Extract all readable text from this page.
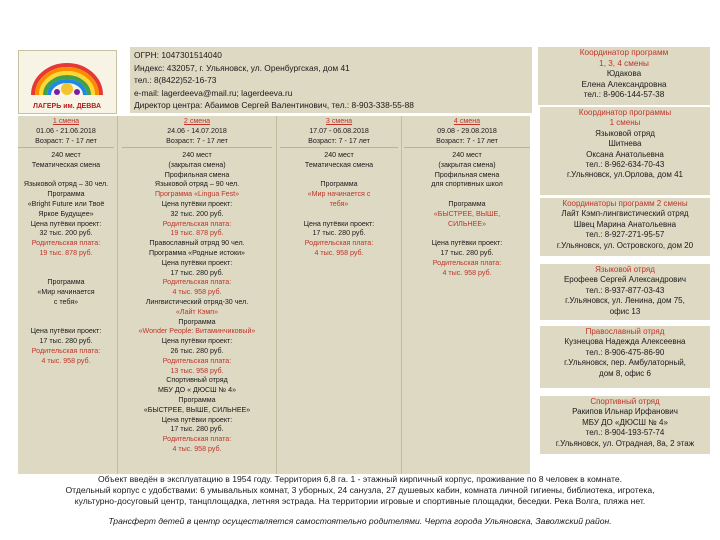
ЛАГЕРЬ им. ДЕВВА
ОГРН: 1047301514040
Индекс: 432057, г. Ульяновск, ул. Оренбургская, дом 41
тел.: 8(8422)52-16-73
e-mail: lagerdeeva@mail.ru; lagerdeeva.ru
Директор центра: Абаимов Сергей Валентинович, тел.: 8-903-338-55-88
Координатор программ
1, 3, 4 смены
Юдакова
Елена Александровна
тел.: 8-906-144-57-38
1 смена
01.06 - 21.06.2018
Возраст: 7 - 17 лет
240 мест
Тематическая смена

Языковой отряд – 30 чел.
Программа
«Bright Future или Твоё
Яркое Будущее»
Цена путёвки проект:
32 тыс. 200 руб.
Родительская плата:
19 тыс. 878 руб.

Программа
«Мир начинается
с тебя»

Цена путёвки проект:
17 тыс. 280 руб.
Родительская плата:
4 тыс. 958 руб.
2 смена
24.06 - 14.07.2018
Возраст: 7 - 17 лет
240 мест
(закрытая смена)
Профильная смена
Языковой отряд – 90 чел.
Программа «Lingua Fest»
Цена путёвки проект:
32 тыс. 200 руб.
Родительская плата:
19 тыс. 878 руб.
Православный отряд 90 чел.
Программа «Родные истоки»
Цена путёвки проект:
17 тыс. 280 руб.
Родительская плата:
4 тыс. 958 руб.
Лингвистический отряд-30 чел.
«Лайт Кэмп»
Программа
«Wonder People: Витаминчиковый»
Цена путёвки проект:
26 тыс. 280 руб.
Родительская плата:
13 тыс. 958 руб.
Спортивный отряд
МБУ ДО « ДЮСШ № 4»
Программа
«БЫСТРЕЕ, ВЫШЕ, СИЛЬНЕЕ»
Цена путёвки проект:
17 тыс. 280 руб.
Родительская плата:
4 тыс. 958 руб.
3 смена
17.07 - 06.08.2018
Возраст: 7 - 17 лет
240 мест
Тематическая смена

Программа
«Мир начинается с
тебя»

Цена путёвки проект:
17 тыс. 280 руб.
Родительская плата:
4 тыс. 958 руб.
4 смена
09.08 - 29.08.2018
Возраст: 7 - 17 лет
240 мест
(закрытая смена)
Профильная смена
для спортивных школ

Программа
«БЫСТРЕЕ, ВЫШЕ,
СИЛЬНЕЕ»

Цена путёвки проект:
17 тыс. 280 руб.
Родительская плата:
4 тыс. 958 руб.
Координатор программы
1 смены
Языковой отряд
Шитнева
Оксана Анатольевна
тел.: 8-962-634-70-43
г.Ульяновск, ул.Орлова, дом 41
Координаторы программ 2 смены
Лайт Кэмп-лингвистический отряд
Швец Марина Анатольевна
тел.: 8-927-271-95-57
г.Ульяновск, ул. Островского, дом 20
Языковой отряд
Ерофеев Сергей Александрович
тел.: 8-937-877-03-43
г.Ульяновск, ул. Ленина, дом 75,
офис 13
Православный отряд
Кузнецова Надежда Алексеевна
тел.: 8-906-475-86-90
г.Ульяновск, пер. Амбулаторный,
дом 8, офис 6
Спортивный отряд
Ракипов Ильнар Ирфанович
МБУ ДО «ДЮСШ № 4»
тел.: 8-904-193-57-74
г.Ульяновск, ул. Отрадная, 8а, 2 этаж
Объект введён в эксплуатацию в 1954 году. Территория 6,8 га. 1 - этажный кирпичный корпус, проживание по 8 человек в комнате.
Отдельный корпус с удобствами: 6 умывальных комнат, 3 уборных, 24 санузла, 27 душевых кабин, комната личной гигиены, библиотека, игротека,
культурно-досуговый центр, танцплощадка, летняя эстрада. На территории игровые и спортивные площадки, беседки. Река Волга, пляжа нет.
Трансферт детей в центр осуществляется самостоятельно родителями. Черта города Ульяновска, Заволжский район.
